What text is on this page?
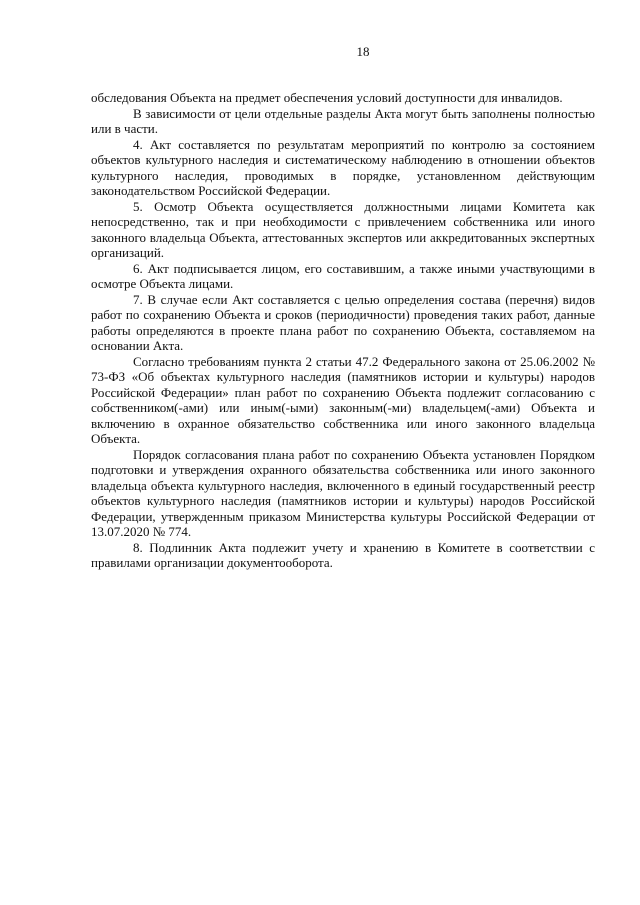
18

обследования Объекта на предмет обеспечения условий доступности для инвалидов.

В зависимости от цели отдельные разделы Акта могут быть заполнены полностью или в части.

4. Акт составляется по результатам мероприятий по контролю за состоянием объектов культурного наследия и систематическому наблюдению в отношении объектов культурного наследия, проводимых в порядке, установленном действующим законодательством Российской Федерации.

5. Осмотр Объекта осуществляется должностными лицами Комитета как непосредственно, так и при необходимости с привлечением собственника или иного законного владельца Объекта, аттестованных экспертов или аккредитованных экспертных организаций.

6. Акт подписывается лицом, его составившим, а также иными участвующими в осмотре Объекта лицами.

7. В случае если Акт составляется с целью определения состава (перечня) видов работ по сохранению Объекта и сроков (периодичности) проведения таких работ, данные работы определяются в проекте плана работ по сохранению Объекта, составляемом на основании Акта.

Согласно требованиям пункта 2 статьи 47.2 Федерального закона от 25.06.2002 № 73-ФЗ «Об объектах культурного наследия (памятников истории и культуры) народов Российской Федерации» план работ по сохранению Объекта подлежит согласованию с собственником(-ами) или иным(-ыми) законным(-ми) владельцем(-ами) Объекта и включению в охранное обязательство собственника или иного законного владельца Объекта.

Порядок согласования плана работ по сохранению Объекта установлен Порядком подготовки и утверждения охранного обязательства собственника или иного законного владельца объекта культурного наследия, включенного в единый государственный реестр объектов культурного наследия (памятников истории и культуры) народов Российской Федерации, утвержденным приказом Министерства культуры Российской Федерации от 13.07.2020 № 774.

8. Подлинник Акта подлежит учету и хранению в Комитете в соответствии с правилами организации документооборота.
